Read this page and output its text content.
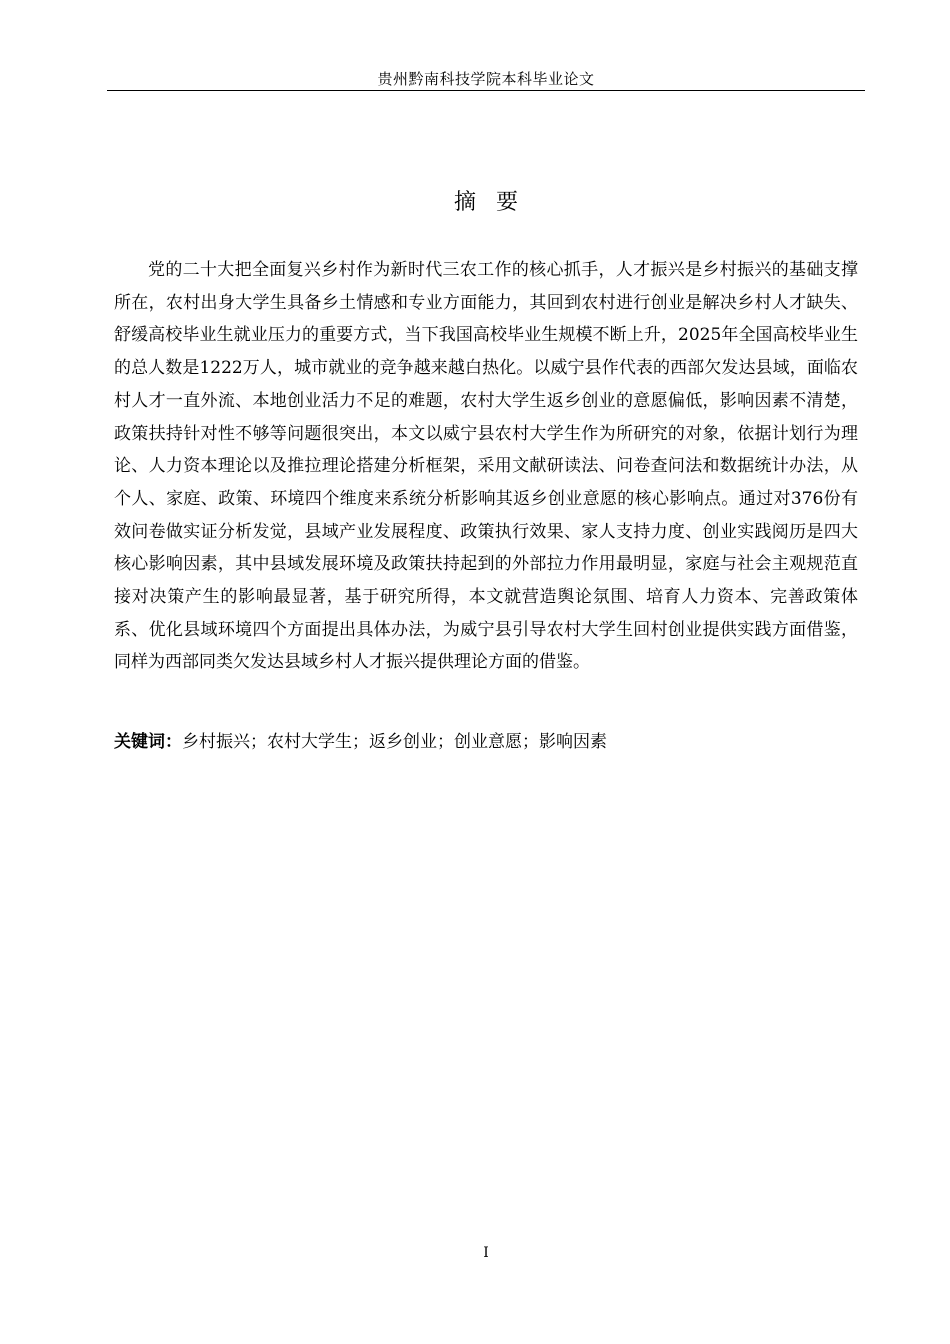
贵州黔南科技学院本科毕业论文
摘 要

党的二十大把全面复兴乡村作为新时代三农工作的核心抓手，人才振兴是乡村振兴的基础支撑所在，农村出身大学生具备乡土情感和专业方面能力，其回到农村进行创业是解决乡村人才缺失、舒缓高校毕业生就业压力的重要方式，当下我国高校毕业生规模不断上升，2025年全国高校毕业生的总人数是1222万人，城市就业的竞争越来越白热化。以威宁县作代表的西部欠发达县域，面临农村人才一直外流、本地创业活力不足的难题，农村大学生返乡创业的意愿偏低，影响因素不清楚，政策扶持针对性不够等问题很突出，本文以威宁县农村大学生作为所研究的对象，依据计划行为理论、人力资本理论以及推拉理论搭建分析框架，采用文献研读法、问卷查问法和数据统计办法，从个人、家庭、政策、环境四个维度来系统分析影响其返乡创业意愿的核心影响点。通过对376份有效问卷做实证分析发觉，县域产业发展程度、政策执行效果、家人支持力度、创业实践阅历是四大核心影响因素，其中县域发展环境及政策扶持起到的外部拉力作用最明显，家庭与社会主观规范直接对决策产生的影响最显著，基于研究所得，本文就营造舆论氛围、培育人力资本、完善政策体系、优化县域环境四个方面提出具体办法，为威宁县引导农村大学生回村创业提供实践方面借鉴，同样为西部同类欠发达县域乡村人才振兴提供理论方面的借鉴。

关键词：乡村振兴；农村大学生；返乡创业；创业意愿；影响因素
I
